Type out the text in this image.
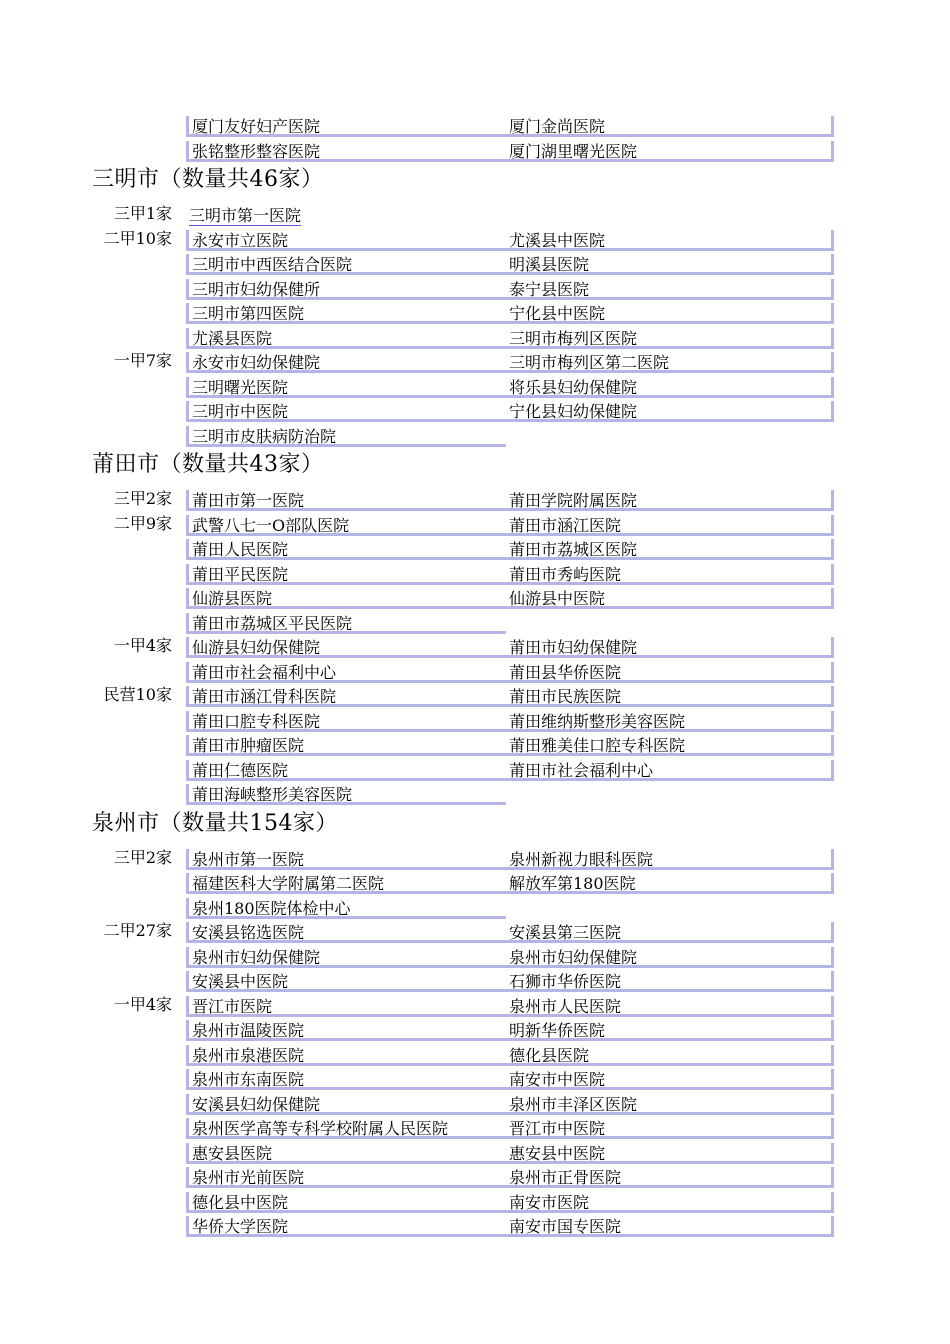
厦门友好妇产医院	厦门金尚医院
张铭整形整容医院	厦门湖里曙光医院
三明市（数量共46家）
三甲1家 三明市第一医院
二甲10家	永安市立医院	尤溪县中医院
三明市中西医结合医院	明溪县医院
三明市妇幼保健所	泰宁县医院
三明市第四医院	宁化县中医院
尤溪县医院	三明市梅列区医院
一甲7家	永安市妇幼保健院	三明市梅列区第二医院
三明曙光医院	将乐县妇幼保健院
三明市中医院	宁化县妇幼保健院
三明市皮肤病防治院
莆田市（数量共43家）
三甲2家	莆田市第一医院	莆田学院附属医院
二甲9家	武警八七一O部队医院	莆田市涵江医院
莆田人民医院	莆田市荔城区医院
莆田平民医院	莆田市秀屿医院
仙游县医院	仙游县中医院
莆田市荔城区平民医院
一甲4家	仙游县妇幼保健院	莆田市妇幼保健院
莆田市社会福利中心	莆田县华侨医院
民营10家	莆田市涵江骨科医院	莆田市民族医院
莆田口腔专科医院	莆田维纳斯整形美容医院
莆田市肿瘤医院	莆田雅美佳口腔专科医院
莆田仁德医院	莆田市社会福利中心
莆田海峡整形美容医院
泉州市（数量共154家）
三甲2家	泉州市第一医院	泉州新视力眼科医院
福建医科大学附属第二医院	解放军第180医院
泉州180医院体检中心
二甲27家	安溪县铭选医院	安溪县第三医院
泉州市妇幼保健院	泉州市妇幼保健院
安溪县中医院	石狮市华侨医院
一甲4家	晋江市医院	泉州市人民医院
泉州市温陵医院	明新华侨医院
泉州市泉港医院	德化县医院
泉州市东南医院	南安市中医院
安溪县妇幼保健院	泉州市丰泽区医院
泉州医学高等专科学校附属人民医院	晋江市中医院
惠安县医院	惠安县中医院
泉州市光前医院	泉州市正骨医院
德化县中医院	南安市医院
华侨大学医院	南安市国专医院
